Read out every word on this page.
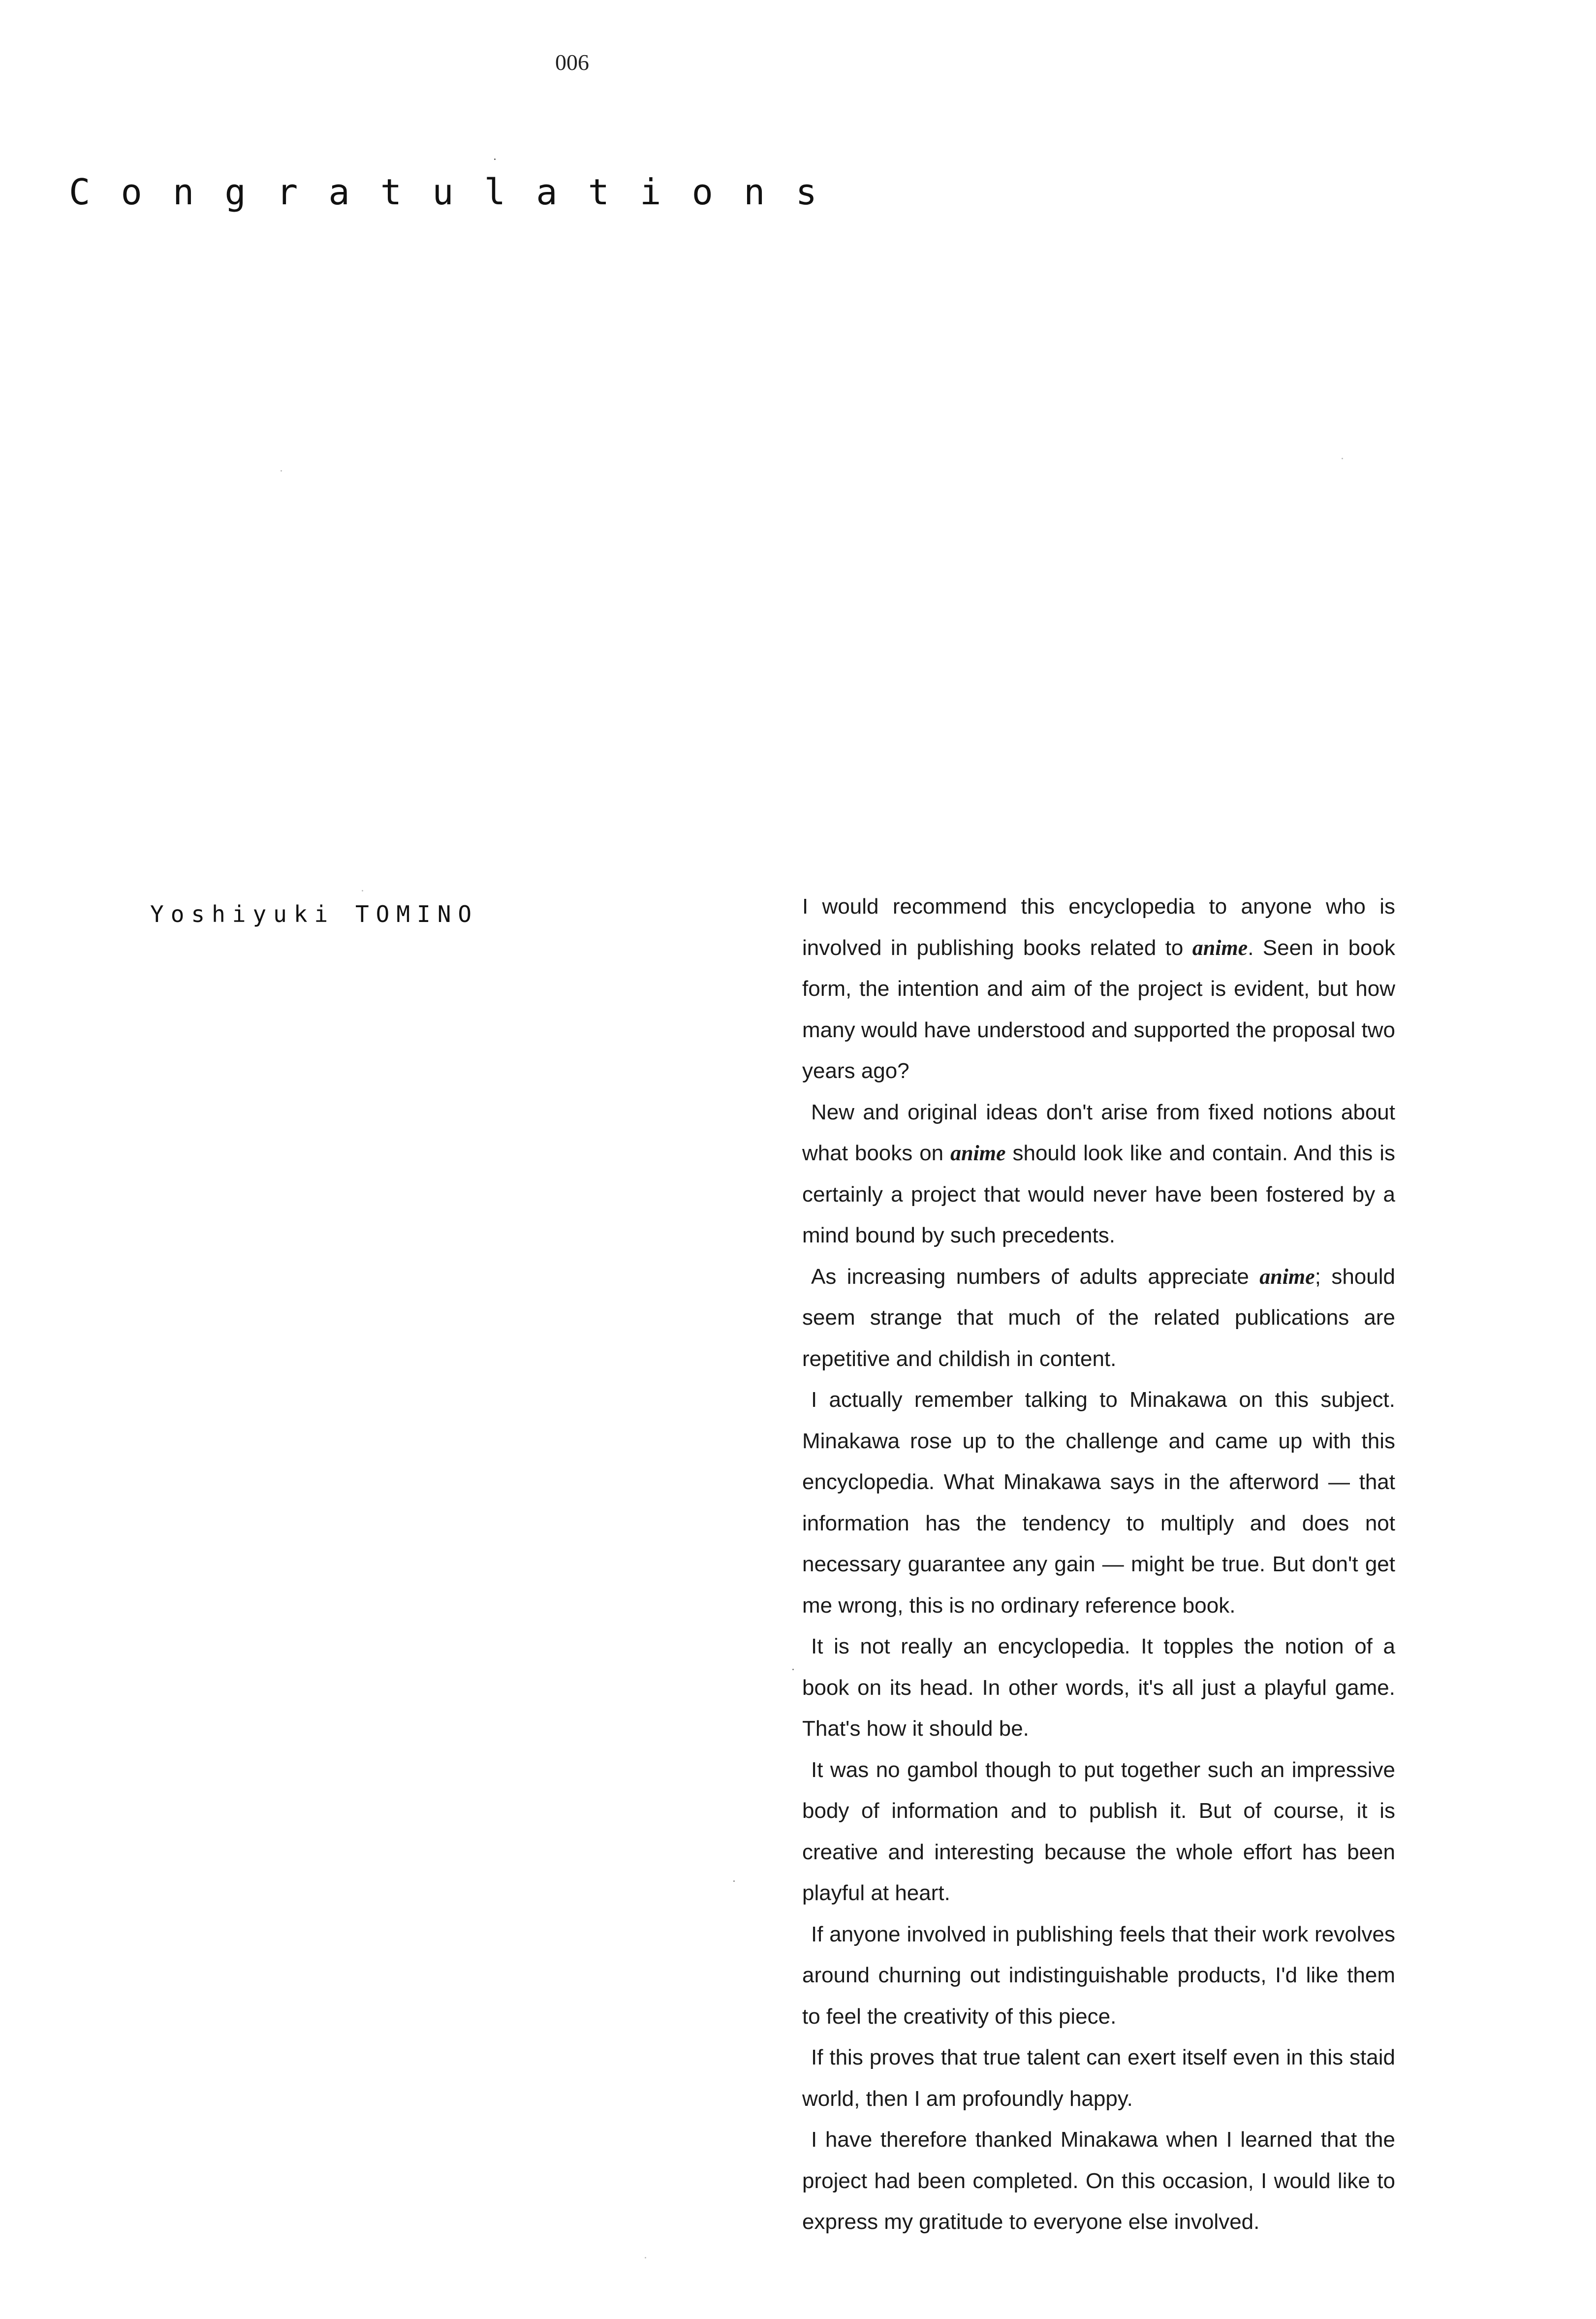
006
C o n g r a t u l a t i o n s
Yoshiyuki TOMINO	I would recommend this encyclopedia to anyone who is involved in publishing books related to anime. Seen in book form, the intention and aim of the project is evident, but how many would have understood and supported the proposal two years ago?

New and original ideas don't arise from fixed notions about what books on anime should look like and contain. And this is certainly a project that would never have been fostered by a mind bound by such precedents.

As increasing numbers of adults appreciate anime; should seem strange that much of the related publications are repetitive and childish in content.

I actually remember talking to Minakawa on this subject. Minakawa rose up to the challenge and came up with this encyclopedia. What Minakawa says in the afterword — that information has the tendency to multiply and does not necessary guarantee any gain — might be true. But don't get me wrong, this is no ordinary reference book.

It is not really an encyclopedia. It topples the notion of a book on its head. In other words, it's all just a playful game. That's how it should be.

It was no gambol though to put together such an impressive body of information and to publish it. But of course, it is creative and interesting because the whole effort has been playful at heart.

If anyone involved in publishing feels that their work revolves around churning out indistinguishable products, I'd like them to feel the creativity of this piece.

If this proves that true talent can exert itself even in this staid world, then I am profoundly happy.

I have therefore thanked Minakawa when I learned that the project had been completed. On this occasion, I would like to express my gratitude to everyone else involved.
